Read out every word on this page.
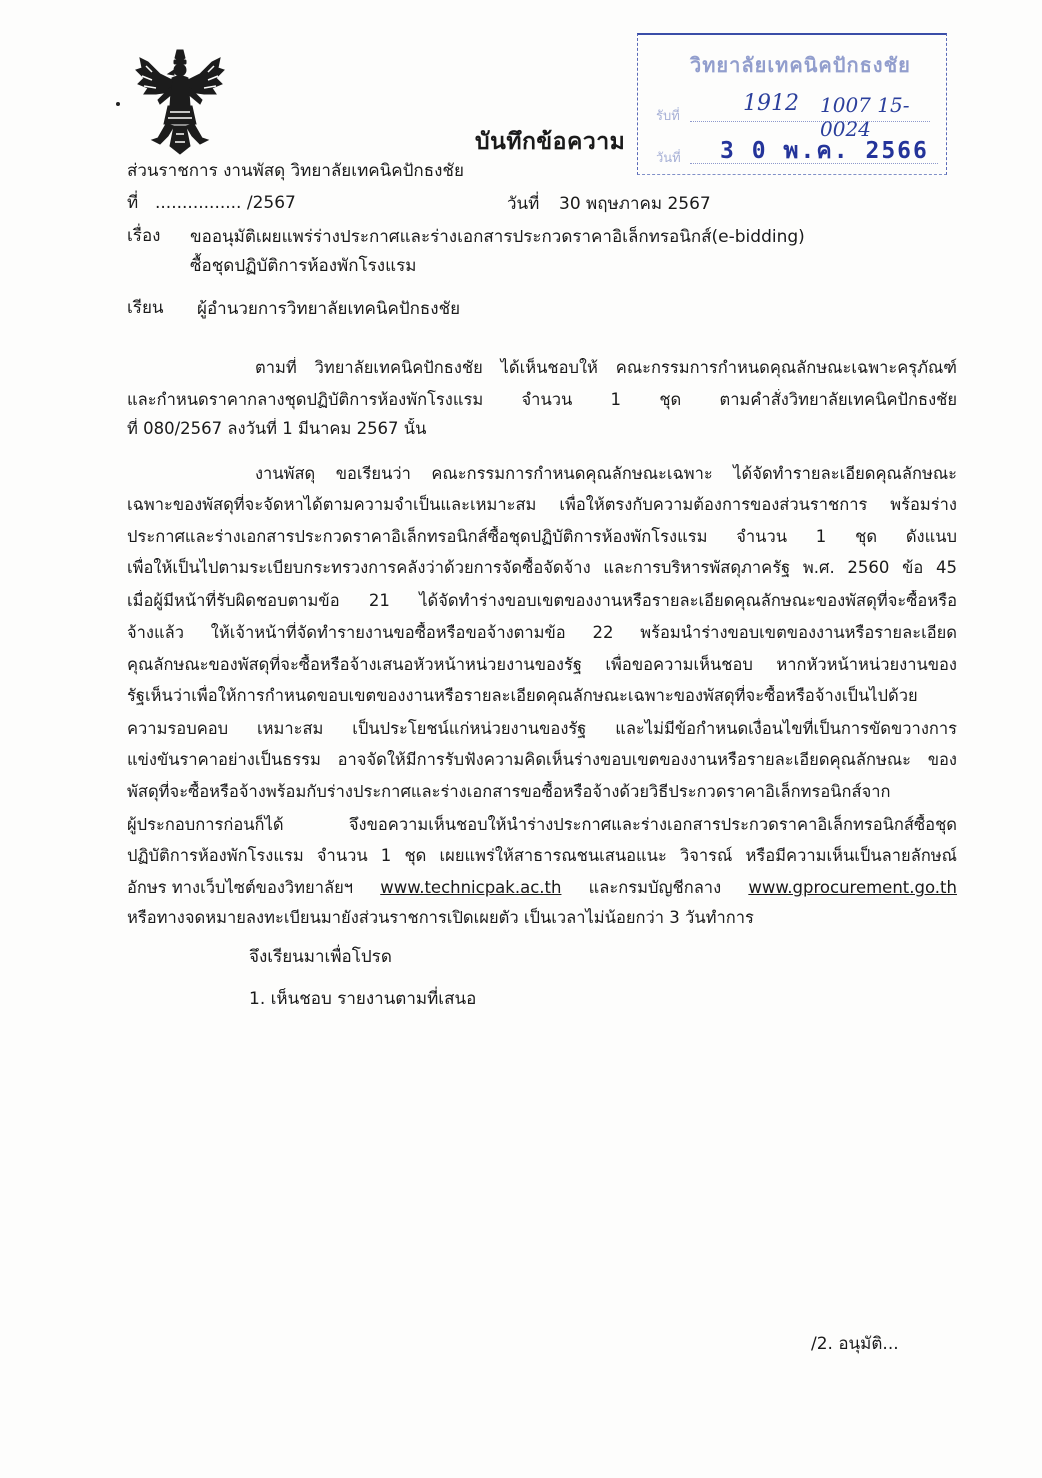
วิทยาลัยเทคนิคปักธงชัย
รับที่
1912 1007 15-0024
วันที่ 3 0 พ.ค. 2566
บันทึกข้อความ
ส่วนราชการ งานพัสดุ วิทยาลัยเทคนิคปักธงชัย
ที่ ................ /2567	วันที่ 30 พฤษภาคม 2567
เรื่อง ขออนุมัติเผยแพร่ร่างประกาศและร่างเอกสารประกวดราคาอิเล็กทรอนิกส์(e-bidding)
ซื้อชุดปฏิบัติการห้องพักโรงแรม
เรียน ผู้อำนวยการวิทยาลัยเทคนิคปักธงชัย
ตามที่ วิทยาลัยเทคนิคปักธงชัย ได้เห็นชอบให้ คณะกรรมการกำหนดคุณลักษณะเฉพาะครุภัณฑ์
และกำหนดราคากลางชุดปฏิบัติการห้องพักโรงแรม จำนวน 1 ชุด ตามคำสั่งวิทยาลัยเทคนิคปักธงชัย
ที่ 080/2567 ลงวันที่ 1 มีนาคม 2567 นั้น
งานพัสดุ ขอเรียนว่า คณะกรรมการกำหนดคุณลักษณะเฉพาะ ได้จัดทำรายละเอียดคุณลักษณะ
เฉพาะของพัสดุที่จะจัดหาได้ตามความจำเป็นและเหมาะสม เพื่อให้ตรงกับความต้องการของส่วนราชการ พร้อมร่าง
ประกาศและร่างเอกสารประกวดราคาอิเล็กทรอนิกส์ซื้อชุดปฏิบัติการห้องพักโรงแรม จำนวน 1 ชุด ดังแนบ
เพื่อให้เป็นไปตามระเบียบกระทรวงการคลังว่าด้วยการจัดซื้อจัดจ้าง และการบริหารพัสดุภาครัฐ พ.ศ. 2560 ข้อ 45
เมื่อผู้มีหน้าที่รับผิดชอบตามข้อ 21 ได้จัดทำร่างขอบเขตของงานหรือรายละเอียดคุณลักษณะของพัสดุที่จะซื้อหรือ
จ้างแล้ว ให้เจ้าหน้าที่จัดทำรายงานขอซื้อหรือขอจ้างตามข้อ 22 พร้อมนำร่างขอบเขตของงานหรือรายละเอียด
คุณลักษณะของพัสดุที่จะซื้อหรือจ้างเสนอหัวหน้าหน่วยงานของรัฐ เพื่อขอความเห็นชอบ หากหัวหน้าหน่วยงานของ
รัฐเห็นว่าเพื่อให้การกำหนดขอบเขตของงานหรือรายละเอียดคุณลักษณะเฉพาะของพัสดุที่จะซื้อหรือจ้างเป็นไปด้วย
ความรอบคอบ เหมาะสม เป็นประโยชน์แก่หน่วยงานของรัฐ และไม่มีข้อกำหนดเงื่อนไขที่เป็นการขัดขวางการ
แข่งขันราคาอย่างเป็นธรรม อาจจัดให้มีการรับฟังความคิดเห็นร่างขอบเขตของงานหรือรายละเอียดคุณลักษณะ ของ
พัสดุที่จะซื้อหรือจ้างพร้อมกับร่างประกาศและร่างเอกสารขอซื้อหรือจ้างด้วยวิธีประกวดราคาอิเล็กทรอนิกส์จาก
ผู้ประกอบการก่อนก็ได้ จึงขอความเห็นชอบให้นำร่างประกาศและร่างเอกสารประกวดราคาอิเล็กทรอนิกส์ซื้อชุด
ปฏิบัติการห้องพักโรงแรม จำนวน 1 ชุด เผยแพร่ให้สาธารณชนเสนอแนะ วิจารณ์ หรือมีความเห็นเป็นลายลักษณ์
อักษร ทางเว็บไซต์ของวิทยาลัยฯ www.technicpak.ac.th และกรมบัญชีกลาง www.gprocurement.go.th
หรือทางจดหมายลงทะเบียนมายังส่วนราชการเปิดเผยตัว เป็นเวลาไม่น้อยกว่า 3 วันทำการ
จึงเรียนมาเพื่อโปรด
1. เห็นชอบ รายงานตามที่เสนอ
/2. อนุมัติ...
